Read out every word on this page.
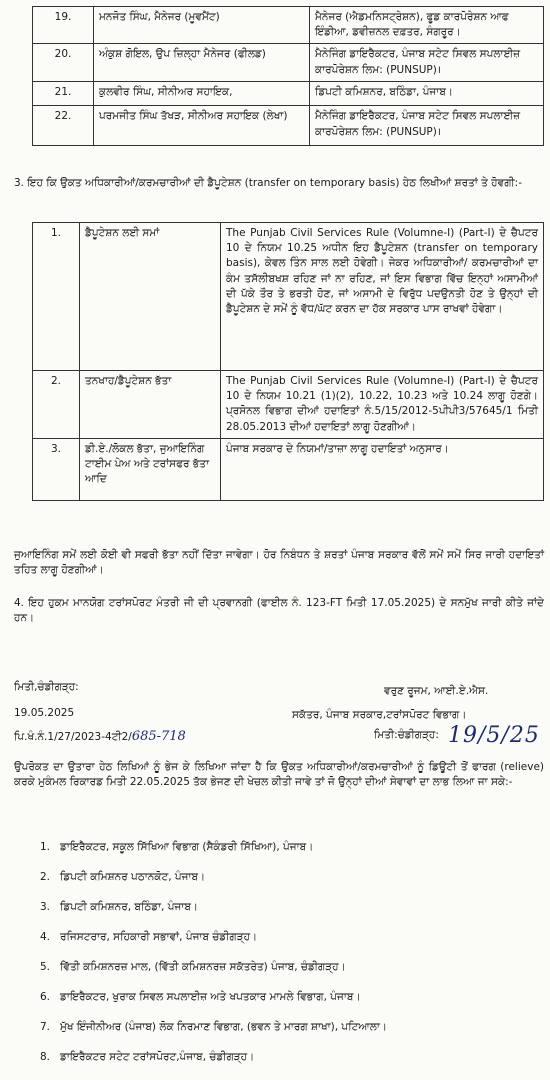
19.	ਮਨਜੋਤ ਸਿੰਘ, ਮੈਨੇਜਰ (ਮੂਵਮੈਂਟ)	ਮੈਨੇਜਰ (ਐਡਮਨਿਸਟ੍ਰੇਸ਼ਨ), ਫੂਡ ਕਾਰਪੋਰੇਸ਼ਨ ਆਫ ਇੰਡੀਆ, ਡਵੀਜ਼ਨਲ ਦਫ਼ਤਰ, ਸੰਗਰੂਰ।
20.	ਅੰਕੁਸ਼ ਗੋਇਲ, ਉਪ ਜ਼ਿਲ੍ਹਾ ਮੈਨੇਜਰ (ਫੀਲਡ)	ਮੈਨੇਜਿੰਗ ਡਾਇਰੈਕਟਰ, ਪੰਜਾਬ ਸਟੇਟ ਸਿਵਲ ਸਪਲਾਈਜ਼ ਕਾਰਪੋਰੇਸ਼ਨ ਲਿਮ: (PUNSUP)।
21.	ਕੁਲਵੀਰ ਸਿੰਘ, ਸੀਨੀਅਰ ਸਹਾਇਕ,	ਡਿਪਟੀ ਕਮਿਸ਼ਨਰ, ਬਠਿੰਡਾ, ਪੰਜਾਬ।
22.	ਪਰਮਜੀਤ ਸਿੰਘ ਤੱਖੜ, ਸੀਨੀਅਰ ਸਹਾਇਕ (ਲੇਖਾ)	ਮੈਨੇਜਿੰਗ ਡਾਇਰੈਕਟਰ, ਪੰਜਾਬ ਸਟੇਟ ਸਿਵਲ ਸਪਲਾਈਜ਼ ਕਾਰਪੋਰੇਸ਼ਨ ਲਿਮ: (PUNSUP)।
3. ਇਹ ਕਿ ਉਕਤ ਅਧਿਕਾਰੀਆਂ/ਕਰਮਚਾਰੀਆਂ ਦੀ ਡੈਪੂਟੇਸ਼ਨ (transfer on temporary basis) ਹੇਠ ਲਿਖੀਆਂ ਸ਼ਰਤਾਂ ਤੇ ਹੋਵਗੀ:-
1.	ਡੈਪੂਟੇਸ਼ਨ ਲਈ ਸਮਾਂ	The Punjab Civil Services Rule (Volumne-I) (Part-I) ਦੇ ਚੈਪਟਰ 10 ਦੇ ਨਿਯਮ 10.25 ਅਧੀਨ ਇਹ ਡੈਪੂਟੇਸ਼ਨ (transfer on temporary basis), ਕੇਵਲ ਤਿੰਨ ਸਾਲ ਲਈ ਹੋਵੇਗੀ। ਜੇਕਰ ਅਧਿਕਾਰੀਆਂ/ ਕਰਮਚਾਰੀਆਂ ਦਾ ਕੰਮ ਤਸੱਲੀਬਖਸ਼ ਰਹਿਣ ਜਾਂ ਨਾ ਰਹਿਣ, ਜਾਂ ਇਸ ਵਿਭਾਗ ਵਿੱਚ ਇਨ੍ਹਾਂ ਅਸਾਮੀਆਂ ਦੀ ਪੱਕੇ ਤੌਰ ਤੇ ਭਰਤੀ ਹੋਣ, ਜਾਂ ਅਸਾਮੀ ਦੇ ਵਿਰੁੱਧ ਪਦਉਨਤੀ ਹੋਣ ਤੇ ਉਨ੍ਹਾਂ ਦੀ ਡੈਪੂਟੇਸ਼ਨ ਦੇ ਸਮੇਂ ਨੂੰ ਵੱਧ/ਘੱਟ ਕਰਨ ਦਾ ਹੱਕ ਸਰਕਾਰ ਪਾਸ ਰਾਖਵਾਂ ਹੋਵੇਗਾ।
2.	ਤਨਖਾਹ/ਡੈਪੂਟੇਸ਼ਨ ਭੱਤਾ	The Punjab Civil Services Rule (Volumne-I) (Part-I) ਦੇ ਚੈਪਟਰ 10 ਦੇ ਨਿਯਮ 10.21 (1)(2), 10.22, 10.23 ਅਤੇ 10.24 ਲਾਗੂ ਹੋਣਗੇ। ਪ੍ਰਸੋਨਲ ਵਿਭਾਗ ਦੀਆਂ ਹਦਾਇਤਾਂ ਨੰ.5/15/2012-5ਪੀਪੀ3/57645/1 ਮਿਤੀ 28.05.2013 ਦੀਆਂ ਹਦਾਇਤਾਂ ਲਾਗੂ ਹੋਣਗੀਆਂ।
3.	ਡੀ.ਏ./ਲੋਕਲ ਭੱਤਾ, ਜੁਆਇਨਿੰਗ ਟਾਈਮ ਪੇਅ ਅਤੇ ਟਰਾਂਸਫਰ ਭੱਤਾ ਆਦਿ	ਪੰਜਾਬ ਸਰਕਾਰ ਦੇ ਨਿਯਮਾਂ/ਤਾਜ਼ਾ ਲਾਗੂ ਹਦਾਇਤਾਂ ਅਨੁਸਾਰ।
ਜੁਆਇਨਿੰਗ ਸਮੇਂ ਲਈ ਕੋਈ ਵੀ ਸਫਰੀ ਭੱਤਾ ਨਹੀਂ ਦਿੱਤਾ ਜਾਵੇਗਾ। ਹੋਰ ਨਿਬੰਧਨ ਤੇ ਸ਼ਰਤਾਂ ਪੰਜਾਬ ਸਰਕਾਰ ਵੱਲੋਂ ਸਮੇਂ ਸਮੇਂ ਸਿਰ ਜਾਰੀ ਹਦਾਇਤਾਂ ਤਹਿਤ ਲਾਗੂ ਹੋਣਗੀਆਂ।
4. ਇਹ ਹੁਕਮ ਮਾਨਯੋਗ ਟਰਾਂਸਪੋਰਟ ਮੰਤਰੀ ਜੀ ਦੀ ਪ੍ਰਵਾਨਗੀ (ਫਾਈਲ ਨੰ. 123-FT ਮਿਤੀ 17.05.2025) ਦੇ ਸਨਮੁੱਖ ਜਾਰੀ ਕੀਤੇ ਜਾਂਦੇ ਹਨ।
ਮਿਤੀ,ਚੰਡੀਗੜ੍ਹ:
19.05.2025
ਵਰੁਣ ਰੂਜਮ, ਆਈ.ਏ.ਐਸ.
ਸਕੱਤਰ, ਪੰਜਾਬ ਸਰਕਾਰ,ਟਰਾਂਸਪੋਰਟ ਵਿਭਾਗ।
ਪਿ.ਖੰ.ਨੰ.1/27/2023-4ਟੀ2/685-718	ਮਿਤੀ:ਚੰਡੀਗੜ੍ਹ: 19/5/25
ਉਪਰੋਕਤ ਦਾ ਉਤਾਰਾ ਹੇਠ ਲਿਖਿਆਂ ਨੂੰ ਭੇਜ ਕੇ ਲਿਖਿਆ ਜਾਂਦਾ ਹੈ ਕਿ ਉਕਤ ਅਧਿਕਾਰੀਆਂ/ਕਰਮਚਾਰੀਆਂ ਨੂੰ ਡਿਊਟੀ ਤੋਂ ਫਾਰਗ (relieve) ਕਰਕੇ ਮੁਕੰਮਲ ਰਿਕਾਰਡ ਮਿਤੀ 22.05.2025 ਤੱਕ ਭੇਜਣ ਦੀ ਖੇਚਲ ਕੀਤੀ ਜਾਵੇ ਤਾਂ ਜੋ ਉਨ੍ਹਾਂ ਦੀਆਂ ਸੇਵਾਵਾਂ ਦਾ ਲਾਭ ਲਿਆ ਜਾ ਸਕੇ:-
1. ਡਾਇਰੈਕਟਰ, ਸਕੂਲ ਸਿੱਖਿਆ ਵਿਭਾਗ (ਸੈਕੰਡਰੀ ਸਿੱਖਿਆ), ਪੰਜਾਬ।
2. ਡਿਪਟੀ ਕਮਿਸ਼ਨਰ ਪਠਾਨਕੋਟ, ਪੰਜਾਬ।
3. ਡਿਪਟੀ ਕਮਿਸ਼ਨਰ, ਬਠਿੰਡਾ, ਪੰਜਾਬ।
4. ਰਜਿਸਟਰਾਰ, ਸਹਿਕਾਰੀ ਸਭਾਵਾਂ, ਪੰਜਾਬ ਚੰਡੀਗੜ੍ਹ।
5. ਵਿੱਤੀ ਕਮਿਸ਼ਨਰਜ਼ ਮਾਲ, (ਵਿੱਤੀ ਕਮਿਸ਼ਨਰਜ਼ ਸਕੱਤਰੇਤ) ਪੰਜਾਬ, ਚੰਡੀਗੜ੍ਹ।
6. ਡਾਇਰੈਕਟਰ, ਖੁਰਾਕ ਸਿਵਲ ਸਪਲਾਈਜ਼ ਅਤੇ ਖਪਤਕਾਰ ਮਾਮਲੇ ਵਿਭਾਗ, ਪੰਜਾਬ।
7. ਮੁੱਖ ਇੰਜੀਨੀਅਰ (ਪੰਜਾਬ) ਲੋਕ ਨਿਰਮਾਣ ਵਿਭਾਗ, (ਭਵਨ ਤੇ ਮਾਰਗ ਸ਼ਾਖਾ), ਪਟਿਆਲਾ।
8. ਡਾਇਰੈਕਟਰ ਸਟੇਟ ਟਰਾਂਸਪੋਰਟ,ਪੰਜਾਬ, ਚੰਡੀਗੜ੍ਹ।
